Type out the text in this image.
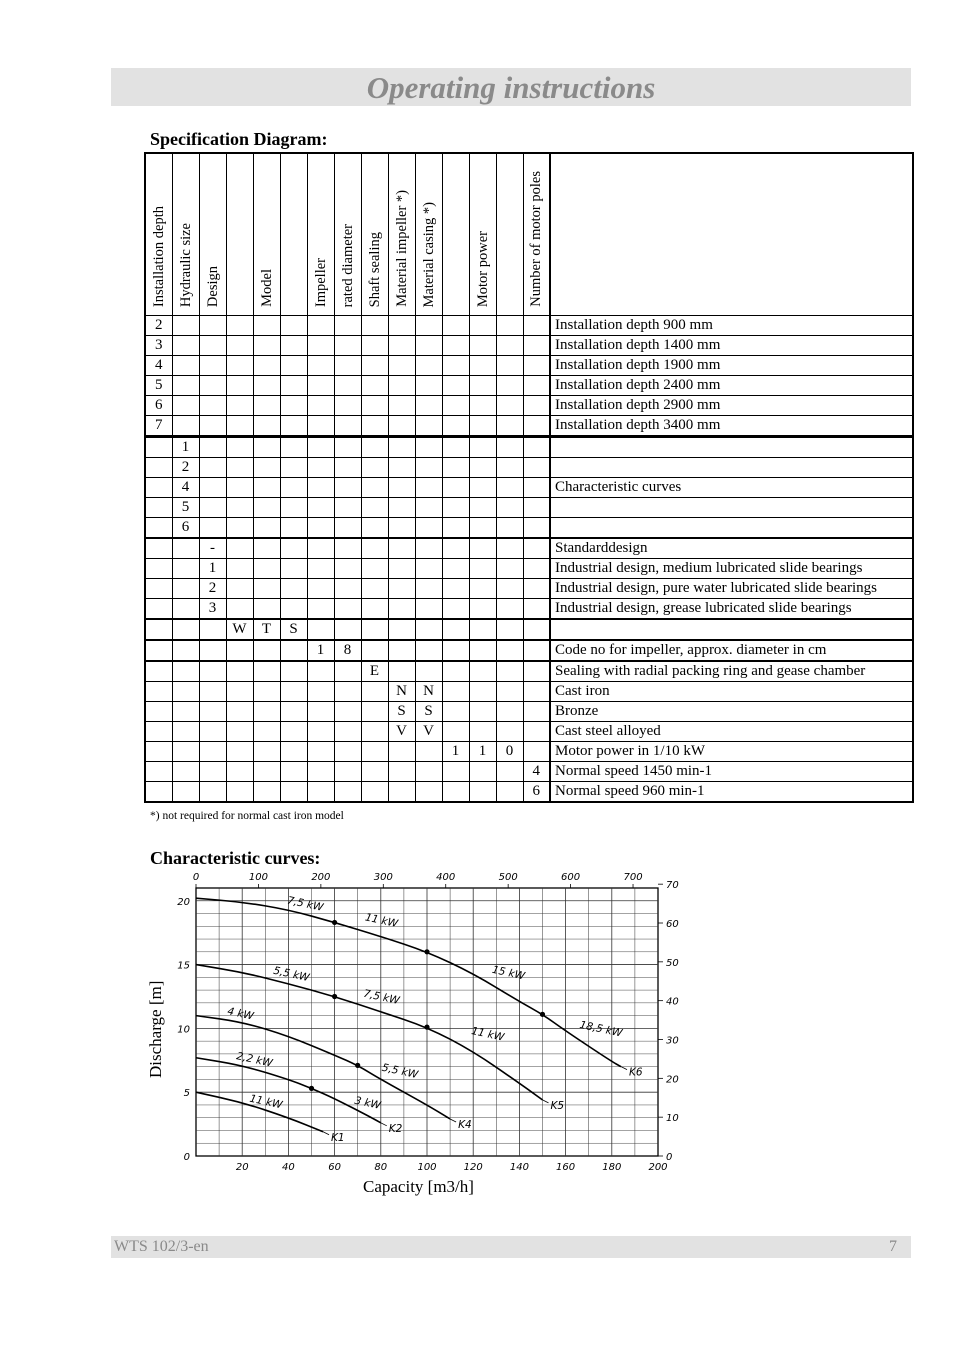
Operating instructions
Specification Diagram:
Installation depth	Hydraulic size	Design		Model		Impeller	rated diameter	Shaft sealing	Material impeller *)	Material casing *)		Motor power		Number of motor poles	
2															Installation depth 900 mm
3															Installation depth 1400 mm
4															Installation depth 1900 mm
5															Installation depth 2400 mm
6															Installation depth 2900 mm
7															Installation depth 3400 mm
	1														
	2														
	4														Characteristic curves
	5														
	6														
		-													Standarddesign
		1													Industrial design, medium lubricated slide bearings
		2													Industrial design, pure water lubricated slide bearings
		3													Industrial design, grease lubricated slide bearings
			W	T	S										
						1	8								Code no for impeller, approx. diameter in cm
								E							Sealing with radial packing ring and gease chamber
									N	N					Cast iron
									S	S					Bronze
									V	V					Cast steel alloyed
											1	1	0		Motor power in 1/10 kW
														4	Normal speed 1450 min-1
														6	Normal speed 960 min-1
*) not required for normal cast iron model
Characteristic curves:
20	40	60	80	100	120	140	160	180	200
0	100	200	300	400	500	600	700
0
5
10
15
20
0
10
20
30
40
50
60
70
11 kW
K1
2,2 kW
3 kW
K2
4 kW
5,5 kW
K4
5,5 kW
7,5 kW
11 kW
K5
7,5 kW
11 kW
15 kW
18,5 kW
K6
Discharge [m]
Capacity [m3/h]
WTS 102/3-en	7
